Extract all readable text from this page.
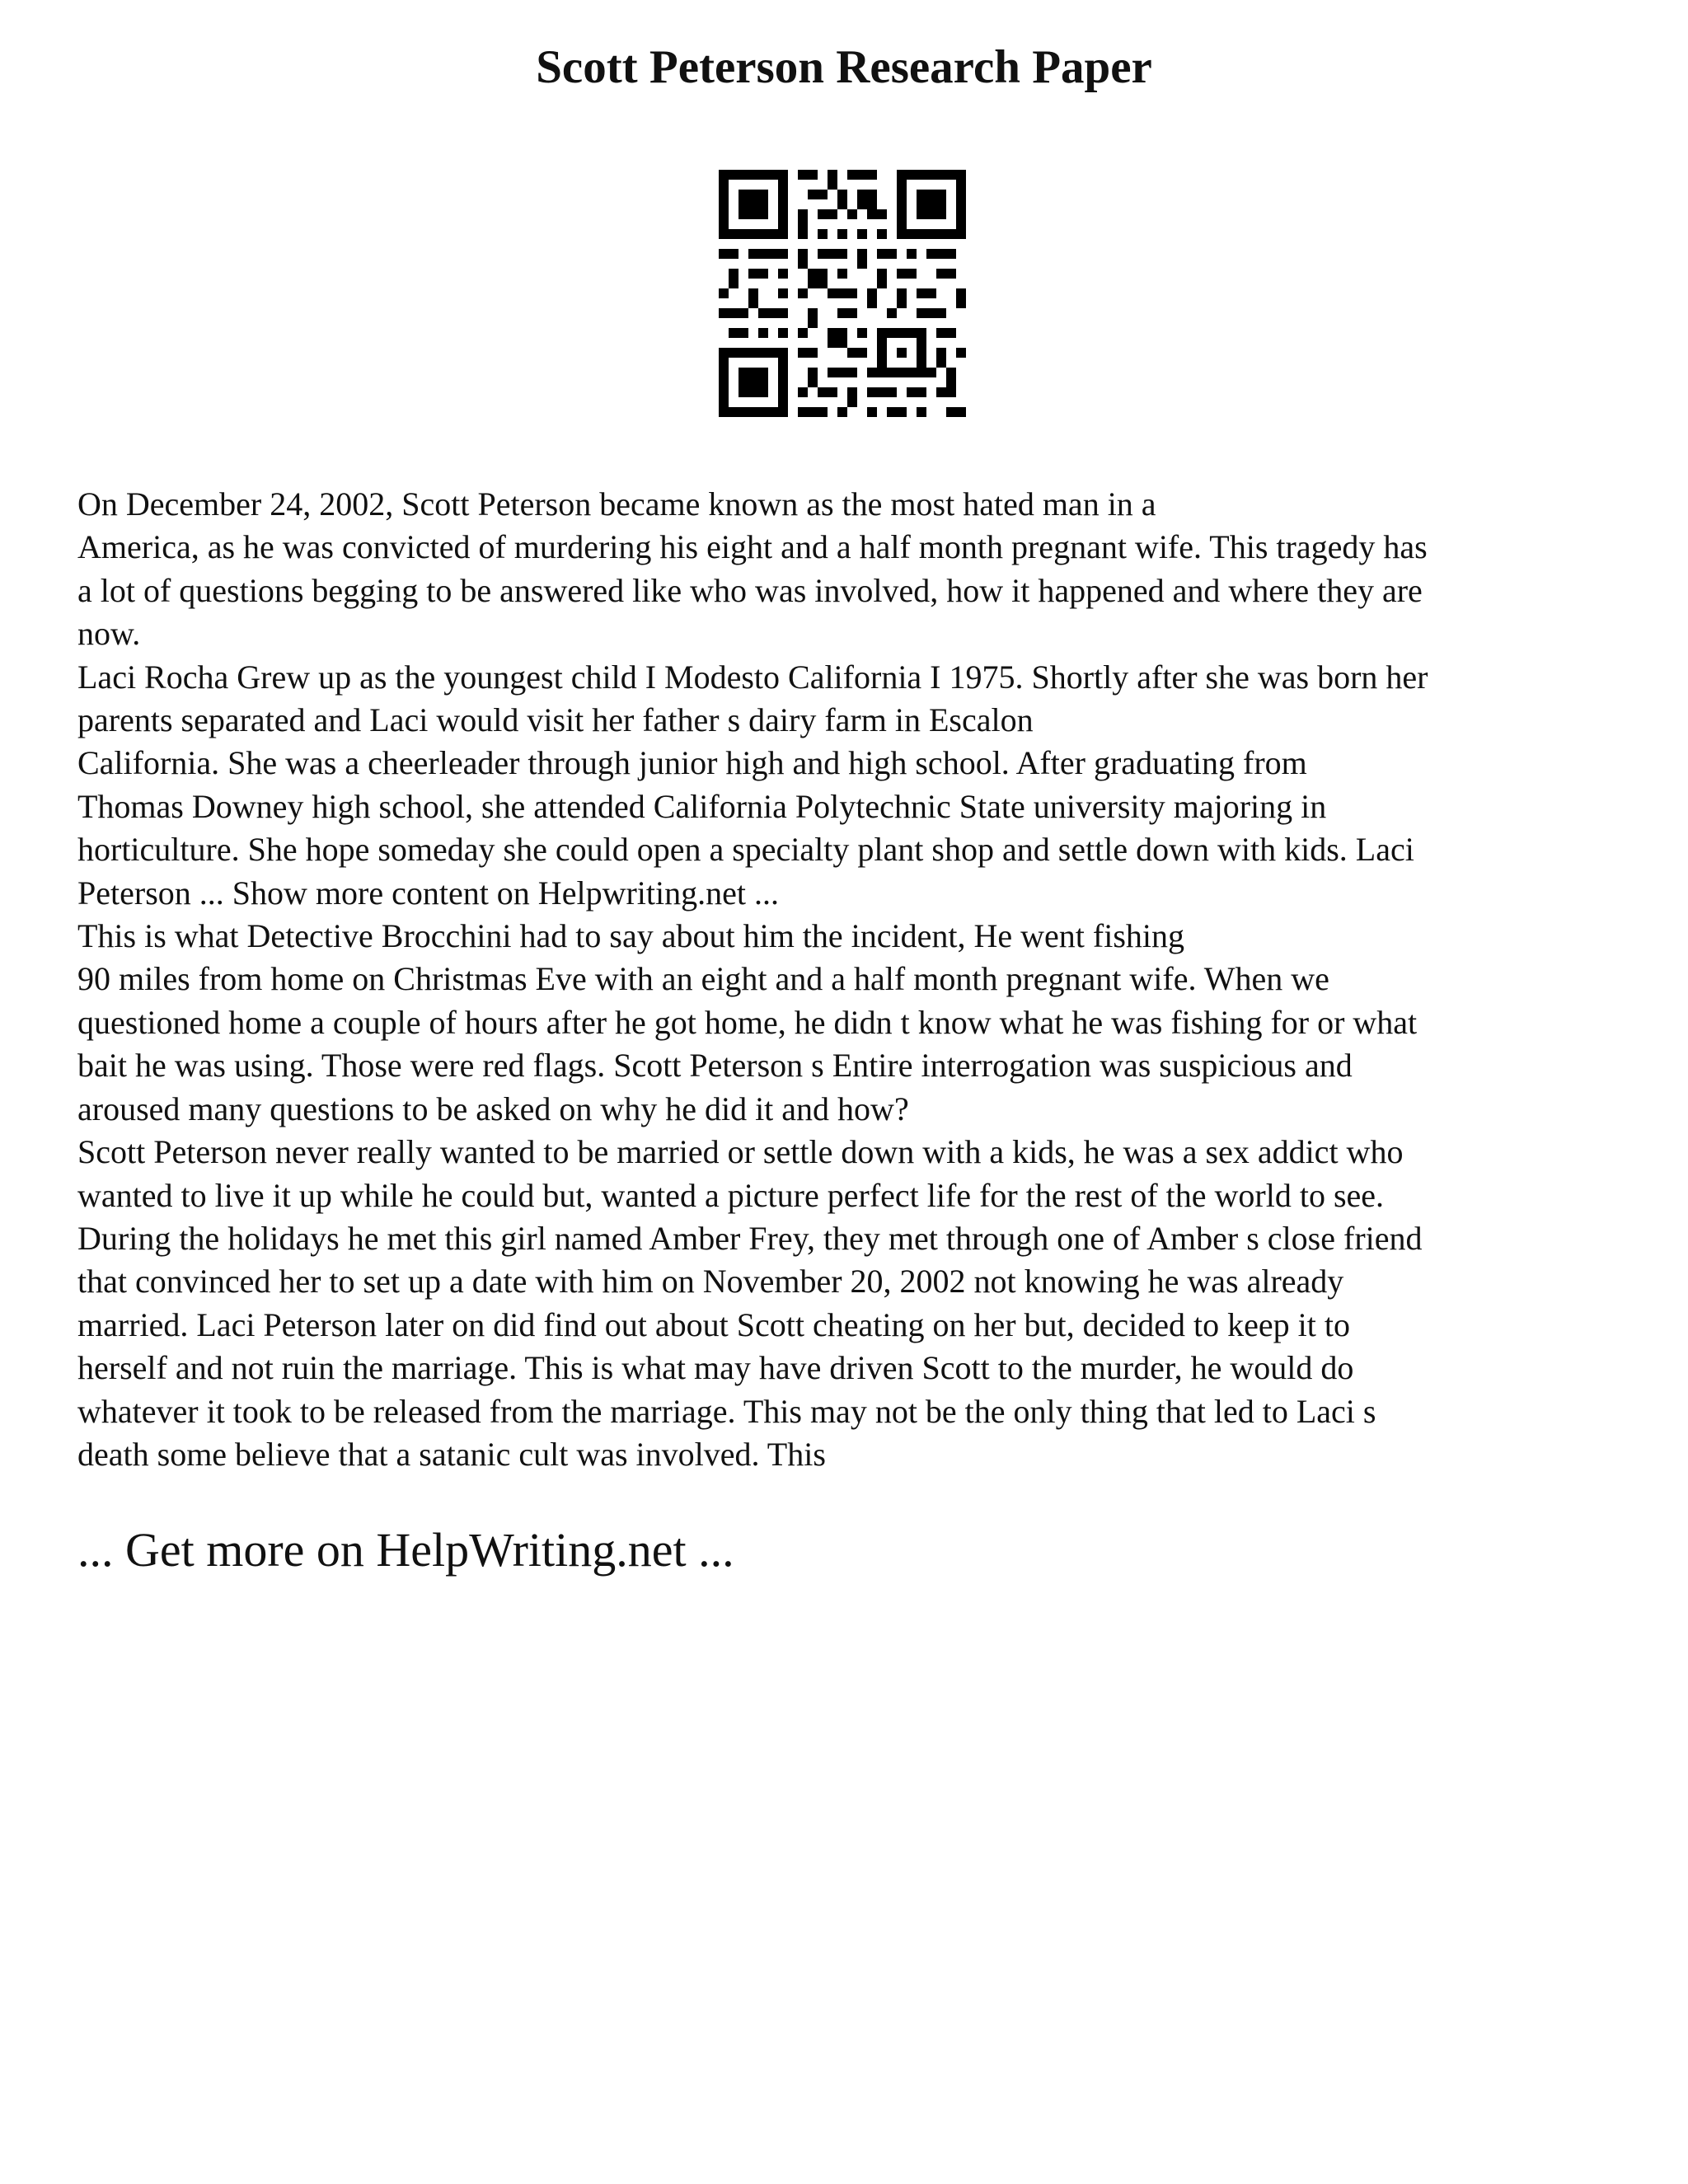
Scott Peterson Research Paper
On December 24, 2002, Scott Peterson became known as the most hated man in a
America, as he was convicted of murdering his eight and a half month pregnant wife. This tragedy has
a lot of questions begging to be answered like who was involved, how it happened and where they are
now.
Laci Rocha Grew up as the youngest child I Modesto California I 1975. Shortly after she was born her
parents separated and Laci would visit her father s dairy farm in Escalon
California. She was a cheerleader through junior high and high school. After graduating from
Thomas Downey high school, she attended California Polytechnic State university majoring in
horticulture. She hope someday she could open a specialty plant shop and settle down with kids. Laci
Peterson ... Show more content on Helpwriting.net ...
This is what Detective Brocchini had to say about him the incident, He went fishing
90 miles from home on Christmas Eve with an eight and a half month pregnant wife. When we
questioned home a couple of hours after he got home, he didn t know what he was fishing for or what
bait he was using. Those were red flags. Scott Peterson s Entire interrogation was suspicious and
aroused many questions to be asked on why he did it and how?
Scott Peterson never really wanted to be married or settle down with a kids, he was a sex addict who
wanted to live it up while he could but, wanted a picture perfect life for the rest of the world to see.
During the holidays he met this girl named Amber Frey, they met through one of Amber s close friend
that convinced her to set up a date with him on November 20, 2002 not knowing he was already
married. Laci Peterson later on did find out about Scott cheating on her but, decided to keep it to
herself and not ruin the marriage. This is what may have driven Scott to the murder, he would do
whatever it took to be released from the marriage. This may not be the only thing that led to Laci s
death some believe that a satanic cult was involved. This
... Get more on HelpWriting.net ...
